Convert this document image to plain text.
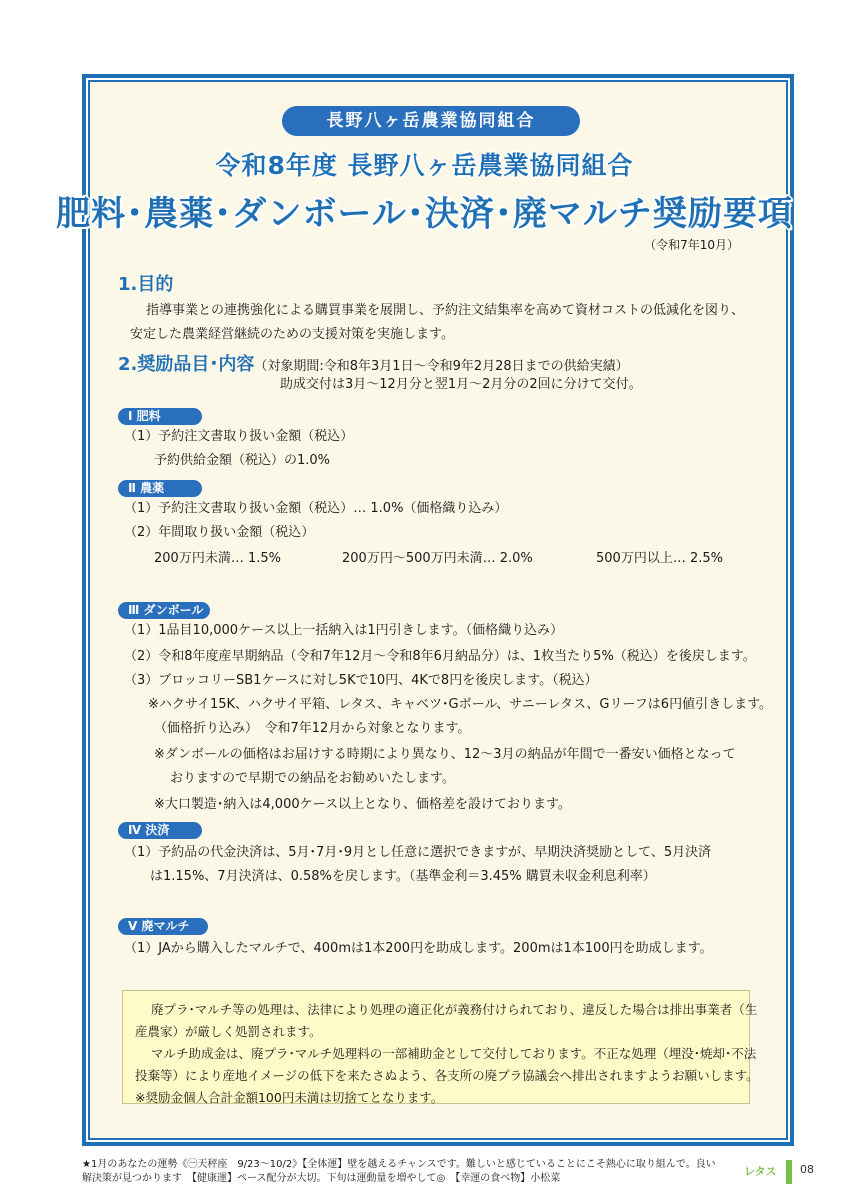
長野八ヶ岳農業協同組合
令和8年度 長野八ヶ岳農業協同組合
肥料･農薬･ダンボール･決済･廃マルチ奨励要項
（令和7年10月）
1.目的
指導事業との連携強化による購買事業を展開し、予約注文結集率を高めて資材コストの低減化を図り、
安定した農業経営継続のための支援対策を実施します。
2.奨励品目･内容（対象期間:令和8年3月1日～令和9年2月28日までの供給実績）
助成交付は3月～12月分と翌1月～2月分の2回に分けて交付。
Ⅰ 肥料
（1）予約注文書取り扱い金額（税込）
予約供給金額（税込）の1.0%
Ⅱ 農薬
（1）予約注文書取り扱い金額（税込）… 1.0%（価格織り込み）
（2）年間取り扱い金額（税込）
200万円未満… 1.5%	200万円～500万円未満… 2.0%	500万円以上… 2.5%
Ⅲ ダンボール
（1）1品目10,000ケース以上一括納入は1円引きします。（価格織り込み）
（2）令和8年度産早期納品（令和7年12月～令和8年6月納品分）は、1枚当たり5%（税込）を後戻します。
（3）ブロッコリーSB1ケースに対し5Kで10円、4Kで8円を後戻します。（税込）
※ハクサイ15K、ハクサイ平箱、レタス、キャベツ･Gボール、サニーレタス、Gリーフは6円値引きします。
（価格折り込み）　令和7年12月から対象となります。
※ダンボールの価格はお届けする時期により異なり、12～3月の納品が年間で一番安い価格となって
おりますので早期での納品をお勧めいたします。
※大口製造･納入は4,000ケース以上となり、価格差を設けております。
Ⅳ 決済
（1）予約品の代金決済は、5月･7月･9月とし任意に選択できますが、早期決済奨励として、5月決済
は1.15%、7月決済は、0.58%を戻します。（基準金利＝3.45% 購買未収金利息利率）
Ⅴ 廃マルチ
（1）JAから購入したマルチで、400mは1本200円を助成します。200mは1本100円を助成します。
廃プラ･マルチ等の処理は、法律により処理の適正化が義務付けられており、違反した場合は排出事業者（生
産農家）が厳しく処罰されます。
マルチ助成金は、廃プラ･マルチ処理料の一部補助金として交付しております。不正な処理（埋没･焼却･不法
投棄等）により産地イメージの低下を来たさぬよう、各支所の廃プラ協議会へ排出されますようお願いします。
※奨励金個人合計金額100円未満は切捨てとなります。
★1月のあなたの運勢《㊀天秤座　9/23～10/2》【全体運】壁を越えるチャンスです。難しいと感じていることにこそ熱心に取り組んで。良い
解決策が見つかります　【健康運】ペース配分が大切。下旬は運動量を増やして◎　【幸運の食べ物】小松菜
レタス 08
